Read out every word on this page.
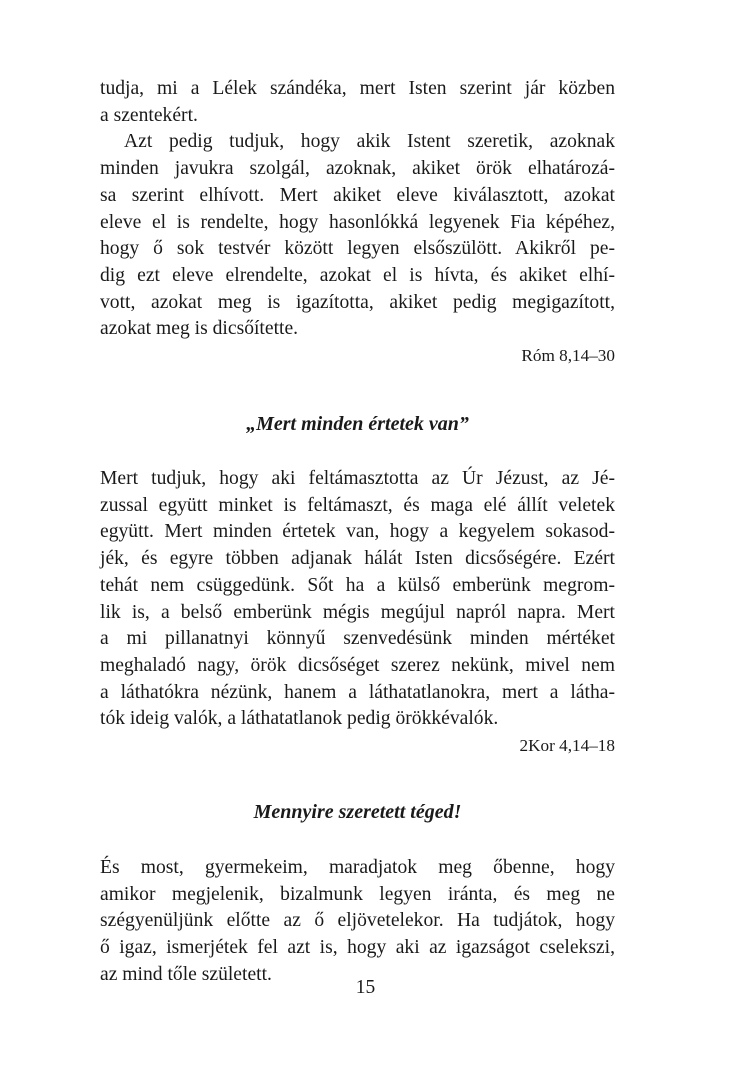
tudja, mi a Lélek szándéka, mert Isten szerint jár közben
a szentekért.
Azt pedig tudjuk, hogy akik Istent szeretik, azoknak
minden javukra szolgál, azoknak, akiket örök elhatározá-
sa szerint elhívott. Mert akiket eleve kiválasztott, azokat
eleve el is rendelte, hogy hasonlókká legyenek Fia képéhez,
hogy ő sok testvér között legyen elsőszülött. Akikről pe-
dig ezt eleve elrendelte, azokat el is hívta, és akiket elhí-
vott, azokat meg is igazította, akiket pedig megigazított,
azokat meg is dicsőítette.

Róm 8,14–30

„Mert minden értetek van”
Mert tudjuk, hogy aki feltámasztotta az Úr Jézust, az Jé-
zussal együtt minket is feltámaszt, és maga elé állít veletek
együtt. Mert minden értetek van, hogy a kegyelem sokasod-
jék, és egyre többen adjanak hálát Isten dicsőségére. Ezért
tehát nem csüggedünk. Sőt ha a külső emberünk megrom-
lik is, a belső emberünk mégis megújul napról napra. Mert
a mi pillanatnyi könnyű szenvedésünk minden mértéket
meghaladó nagy, örök dicsőséget szerez nekünk, mivel nem
a láthatókra nézünk, hanem a láthatatlanokra, mert a látha-
tók ideig valók, a láthatatlanok pedig örökkévalók.

2Kor 4,14–18

Mennyire szeretett téged!
És most, gyermekeim, maradjatok meg őbenne, hogy
amikor megjelenik, bizalmunk legyen iránta, és meg ne
szégyenüljünk előtte az ő eljövetelekor. Ha tudjátok, hogy
ő igaz, ismerjétek fel azt is, hogy aki az igazságot cselekszi,
az mind tőle született.
15
